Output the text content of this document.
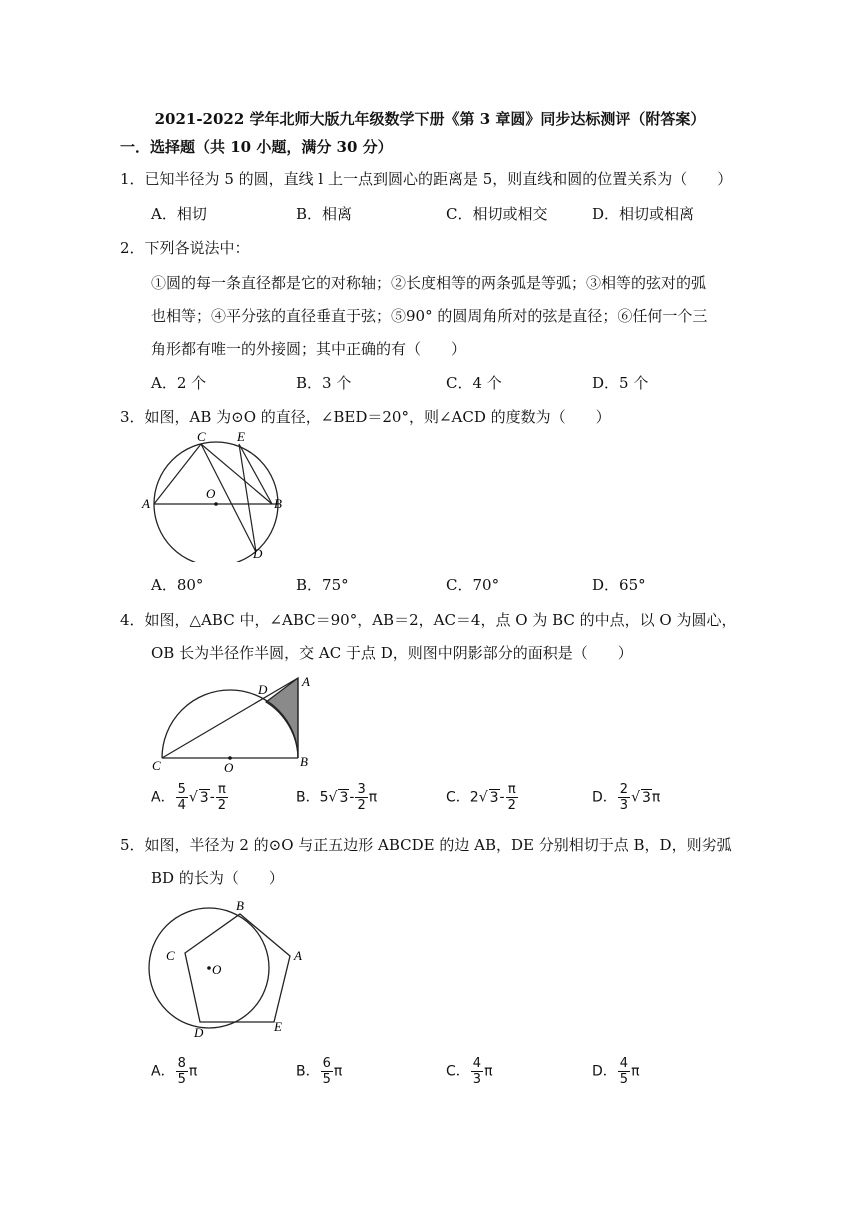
2021-2022 学年北师大版九年级数学下册《第 3 章圆》同步达标测评（附答案）
一．选择题（共 10 小题，满分 30 分）
1．已知半径为 5 的圆，直线 l 上一点到圆心的距离是 5，则直线和圆的位置关系为（　　）
A．相切	B．相离	C．相切或相交	D．相切或相离
2．下列各说法中：
①圆的每一条直径都是它的对称轴；②长度相等的两条弧是等弧；③相等的弦对的弧
也相等；④平分弦的直径垂直于弦；⑤90° 的圆周角所对的弦是直径；⑥任何一个三
角形都有唯一的外接圆；其中正确的有（　　）
A．2 个	B．3 个	C．4 个	D．5 个
3．如图，AB 为⊙O 的直径，∠BED＝20°，则∠ACD 的度数为（　　）
C E
A	B
O
D
A．80°	B．75°	C．70°	D．65°
4．如图，△ABC 中，∠ABC＝90°，AB＝2，AC＝4，点 O 为 BC 的中点，以 O 为圆心，
OB 长为半径作半圆，交 AC 于点 D，则图中阴影部分的面积是（　　）
A
D
C	O	B
A． $\frac{5}{4}$ √ $3- \frac{\pi}{2}$	B．5√ $3- \frac{3}{2}$ π	C．2√ $3- \frac{\pi}{2}$	D． $\frac{2}{3}$ √ 3π
5．如图，半径为 2 的⊙O 与正五边形 ABCDE 的边 AB，DE 分别相切于点 B，D，则劣弧
BD 的长为（　　）
B
A
C
O
D	E
A． $\frac{8}{5}$ π	B． $\frac{6}{5}$ π	C． $\frac{4}{3}$ π	D． $\frac{4}{5}$ π
